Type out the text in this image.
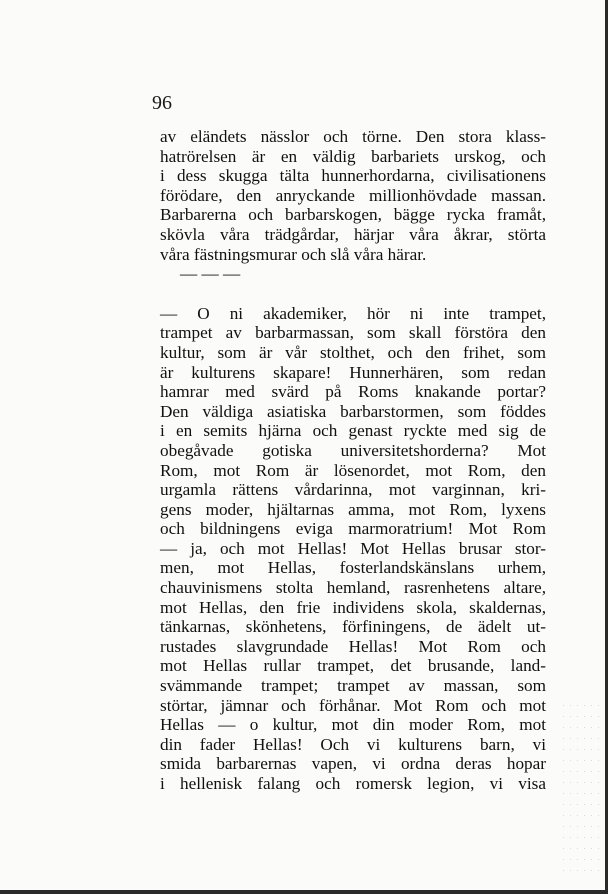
96
av eländets nässlor och törne. Den stora klass-
hatrörelsen är en väldig barbariets urskog, och
i dess skugga tälta hunnerhordarna, civilisationens
förödare, den anryckande millionhövdade massan.
Barbarerna och barbarskogen, bägge rycka framåt,
skövla våra trädgårdar, härjar våra åkrar, störta
våra fästningsmurar och slå våra härar.
— — —
— O ni akademiker, hör ni inte trampet,
trampet av barbarmassan, som skall förstöra den
kultur, som är vår stolthet, och den frihet, som
är kulturens skapare! Hunnerhären, som redan
hamrar med svärd på Roms knakande portar?
Den väldiga asiatiska barbarstormen, som föddes
i en semits hjärna och genast ryckte med sig de
obegåvade gotiska universitetshorderna? Mot
Rom, mot Rom är lösenordet, mot Rom, den
urgamla rättens vårdarinna, mot varginnan, kri-
gens moder, hjältarnas amma, mot Rom, lyxens
och bildningens eviga marmoratrium! Mot Rom
— ja, och mot Hellas! Mot Hellas brusar stor-
men, mot Hellas, fosterlandskänslans urhem,
chauvinismens stolta hemland, rasrenhetens altare,
mot Hellas, den frie individens skola, skaldernas,
tänkarnas, skönhetens, förfiningens, de ädelt ut-
rustades slavgrundade Hellas! Mot Rom och
mot Hellas rullar trampet, det brusande, land-
svämmande trampet; trampet av massan, som
störtar, jämnar och förhånar. Mot Rom och mot
Hellas — o kultur, mot din moder Rom, mot
din fader Hellas! Och vi kulturens barn, vi
smida barbarernas vapen, vi ordna deras hopar
i hellenisk falang och romersk legion, vi visa
